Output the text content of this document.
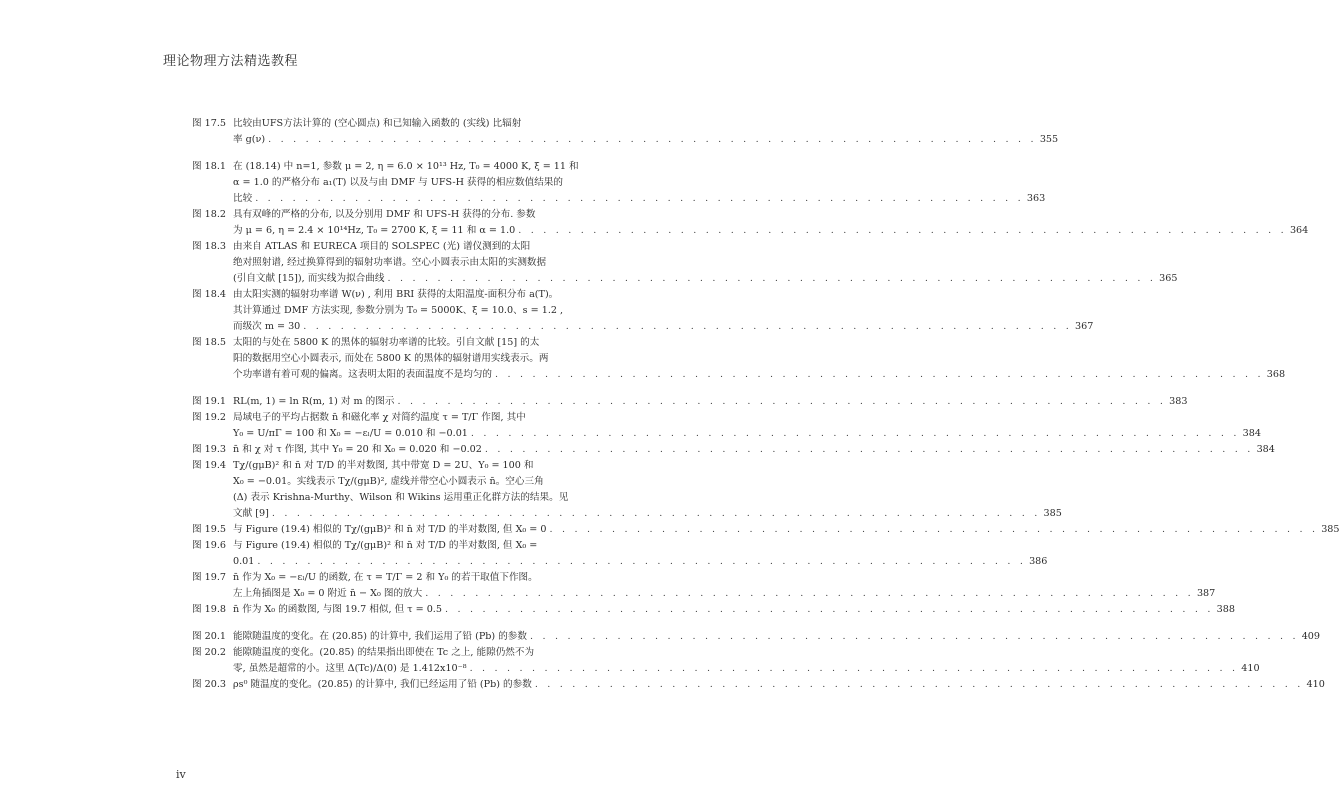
理论物理方法精选教程
图 17.5 比较由UFS方法计算的 (空心圆点) 和已知输入函数的 (实线) 比辐射
率 g(ν) . . . . . . . . . . . . . . . . . . . . . . . . . . . . . . . . . . . . . . . . . . . . . . . . . . . . . . . . . . . . . . 355
图 18.1 在 (18.14) 中 n=1, 参数 μ = 2, η = 6.0 × 10¹³ Hz, T₀ = 4000 K, ξ = 11 和
α = 1.0 的严格分布 a₁(T) 以及与由 DMF 与 UFS-H 获得的相应数值结果的
比较 . . . . . . . . . . . . . . . . . . . . . . . . . . . . . . . . . . . . . . . . . . . . . . . . . . . . . . . . . . . . . . 363
图 18.2 具有双峰的严格的分布, 以及分别用 DMF 和 UFS-H 获得的分布. 参数
为 μ = 6, η = 2.4 × 10¹⁴Hz, T₀ = 2700 K, ξ = 11 和 α = 1.0 . . . . . . . . . . . . . . . . . . . . . . . . . . . . . . . . . . . . . . . . . . . . . . . . . . . . . . . . . . . . . . 364
图 18.3 由来自 ATLAS 和 EURECA 项目的 SOLSPEC (光) 谱仪测到的太阳
绝对照射谱, 经过换算得到的辐射功率谱。空心小圆表示由太阳的实测数据
(引自文献 [15]), 而实线为拟合曲线 . . . . . . . . . . . . . . . . . . . . . . . . . . . . . . . . . . . . . . . . . . . . . . . . . . . . . . . . . . . . . . 365
图 18.4 由太阳实测的辐射功率谱 W(ν) , 利用 BRI 获得的太阳温度-面积分布 a(T)。
其计算通过 DMF 方法实现, 参数分别为 T₀ = 5000K、ξ = 10.0、s = 1.2 ,
而级次 m = 30 . . . . . . . . . . . . . . . . . . . . . . . . . . . . . . . . . . . . . . . . . . . . . . . . . . . . . . . . . . . . . . 367
图 18.5 太阳的与处在 5800 K 的黑体的辐射功率谱的比较。引自文献 [15] 的太
阳的数据用空心小圆表示, 而处在 5800 K 的黑体的辐射谱用实线表示。两
个功率谱有着可观的偏离。这表明太阳的表面温度不是均匀的 . . . . . . . . . . . . . . . . . . . . . . . . . . . . . . . . . . . . . . . . . . . . . . . . . . . . . . . . . . . . . . 368
图 19.1 RL(m, 1) = ln R(m, 1) 对 m 的图示 . . . . . . . . . . . . . . . . . . . . . . . . . . . . . . . . . . . . . . . . . . . . . . . . . . . . . . . . . . . . . . 383
图 19.2 局域电子的平均占据数 n̄ 和磁化率 χ 对简约温度 τ = T/Γ 作图, 其中
Y₀ = U/πΓ = 100 和 X₀ = −εₗ/U = 0.010 和 −0.01 . . . . . . . . . . . . . . . . . . . . . . . . . . . . . . . . . . . . . . . . . . . . . . . . . . . . . . . . . . . . . . 384
图 19.3 n̄ 和 χ 对 τ 作图, 其中 Y₀ = 20 和 X₀ = 0.020 和 −0.02 . . . . . . . . . . . . . . . . . . . . . . . . . . . . . . . . . . . . . . . . . . . . . . . . . . . . . . . . . . . . . . 384
图 19.4 Tχ/(gμB)² 和 n̄ 对 T/D 的半对数图, 其中带宽 D = 2U、Y₀ = 100 和
X₀ = −0.01。实线表示 Tχ/(gμB)², 虚线并带空心小圆表示 n̄。空心三角
(Δ) 表示 Krishna-Murthy、Wilson 和 Wikins 运用重正化群方法的结果。见
文献 [9] . . . . . . . . . . . . . . . . . . . . . . . . . . . . . . . . . . . . . . . . . . . . . . . . . . . . . . . . . . . . . . 385
图 19.5 与 Figure (19.4) 相似的 Tχ/(gμB)² 和 n̄ 对 T/D 的半对数图, 但 X₀ = 0 . . . . . . . . . . . . . . . . . . . . . . . . . . . . . . . . . . . . . . . . . . . . . . . . . . . . . . . . . . . . . . 385
图 19.6 与 Figure (19.4) 相似的 Tχ/(gμB)² 和 n̄ 对 T/D 的半对数图, 但 X₀ =
0.01 . . . . . . . . . . . . . . . . . . . . . . . . . . . . . . . . . . . . . . . . . . . . . . . . . . . . . . . . . . . . . . 386
图 19.7 n̄ 作为 X₀ = −εₗ/U 的函数, 在 τ = T/Γ = 2 和 Y₀ 的若干取值下作图。
左上角插图是 X₀ = 0 附近 n̄ − X₀ 图的放大 . . . . . . . . . . . . . . . . . . . . . . . . . . . . . . . . . . . . . . . . . . . . . . . . . . . . . . . . . . . . . . 387
图 19.8 n̄ 作为 X₀ 的函数图, 与图 19.7 相似, 但 τ = 0.5 . . . . . . . . . . . . . . . . . . . . . . . . . . . . . . . . . . . . . . . . . . . . . . . . . . . . . . . . . . . . . . 388
图 20.1 能隙随温度的变化。在 (20.85) 的计算中, 我们运用了铅 (Pb) 的参数 . . . . . . . . . . . . . . . . . . . . . . . . . . . . . . . . . . . . . . . . . . . . . . . . . . . . . . . . . . . . . . 409
图 20.2 能隙随温度的变化。(20.85) 的结果指出即使在 Tc 之上, 能隙仍然不为
零, 虽然是超常的小。这里 Δ(Tc)/Δ(0) 是 1.412x10⁻⁸ . . . . . . . . . . . . . . . . . . . . . . . . . . . . . . . . . . . . . . . . . . . . . . . . . . . . . . . . . . . . . . 410
图 20.3 ρs⁰ 随温度的变化。(20.85) 的计算中, 我们已经运用了铅 (Pb) 的参数 . . . . . . . . . . . . . . . . . . . . . . . . . . . . . . . . . . . . . . . . . . . . . . . . . . . . . . . . . . . . . . 410
iv
